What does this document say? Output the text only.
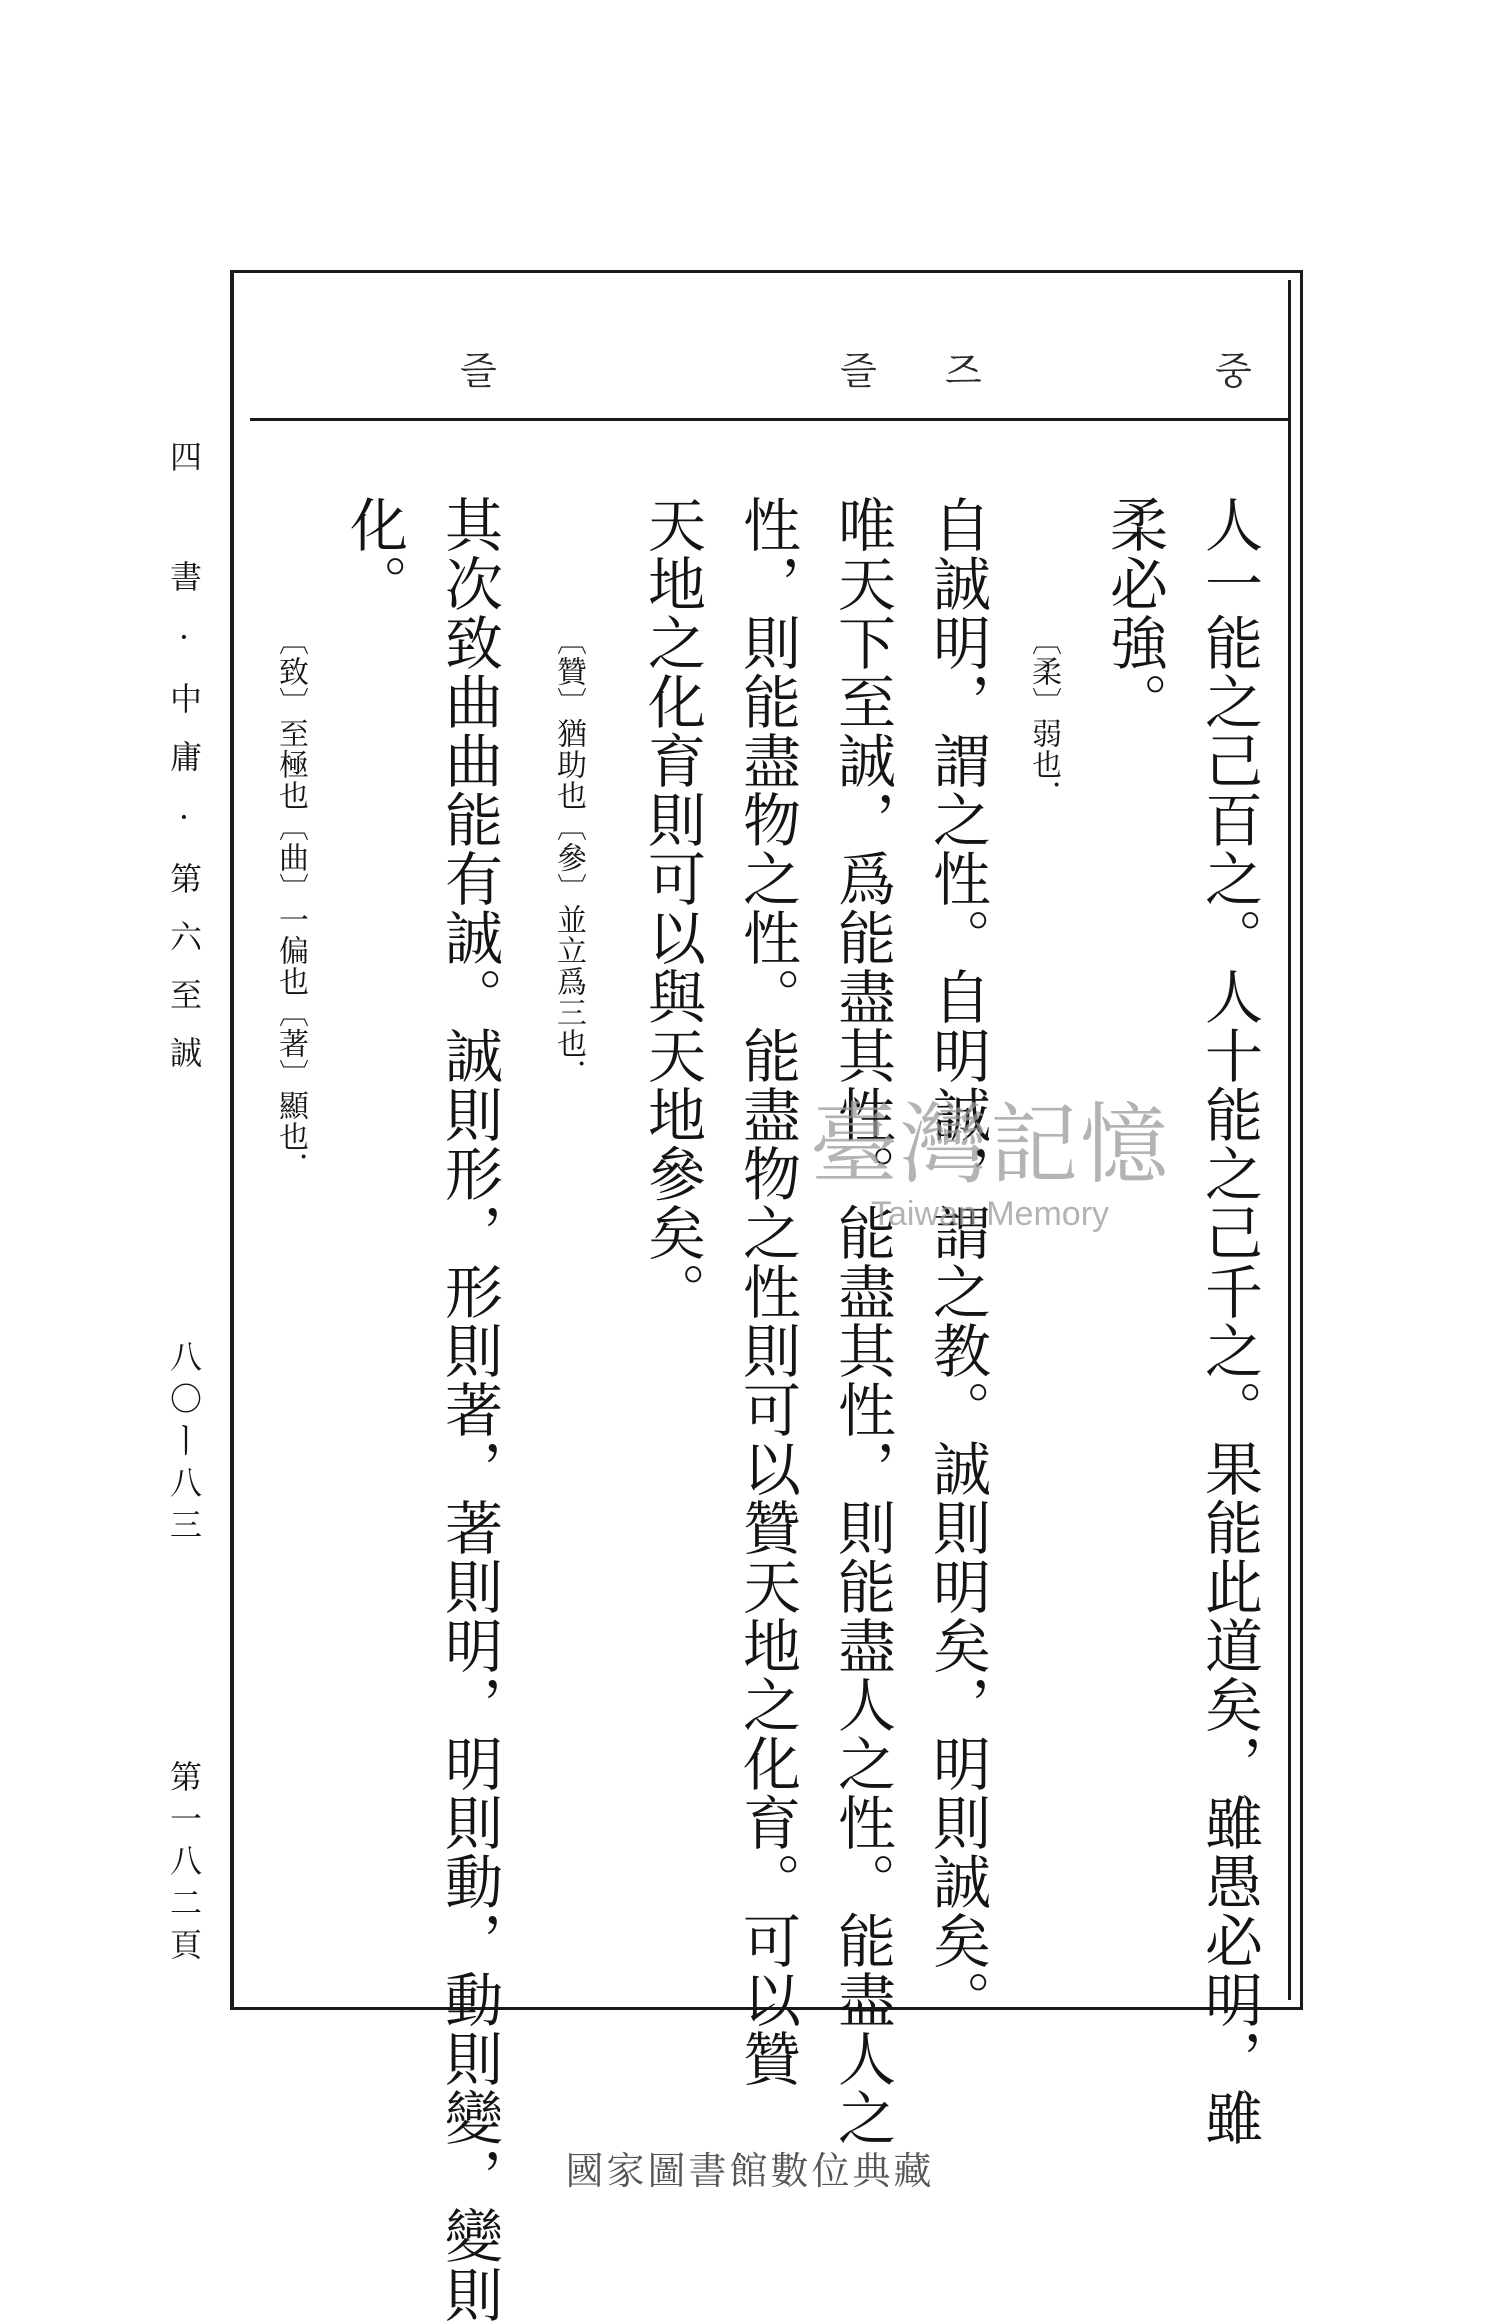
중
즈
즐
즐
人一能之己百之。人十能之己千之。果能此道矣，雖愚必明，雖
柔必強。
〔柔〕弱也．
自誠明，謂之性。自明誠，謂之教。誠則明矣，明則誠矣。
唯天下至誠，爲能盡其性。能盡其性，則能盡人之性。能盡人之
性，則能盡物之性。能盡物之性則可以贊天地之化育。可以贊
天地之化育則可以與天地參矣。
〔贊〕猶助也〔參〕並立爲三也．
其次致曲曲能有誠。誠則形，形則著，著則明，明則動，動則變，變則
化。
〔致〕至極也〔曲〕一偏也〔著〕顯也．
四
書·中庸·第六至誠
八〇ㅣ八三
第一八二頁
臺灣記憶
Taiwan Memory
國家圖書館數位典藏
